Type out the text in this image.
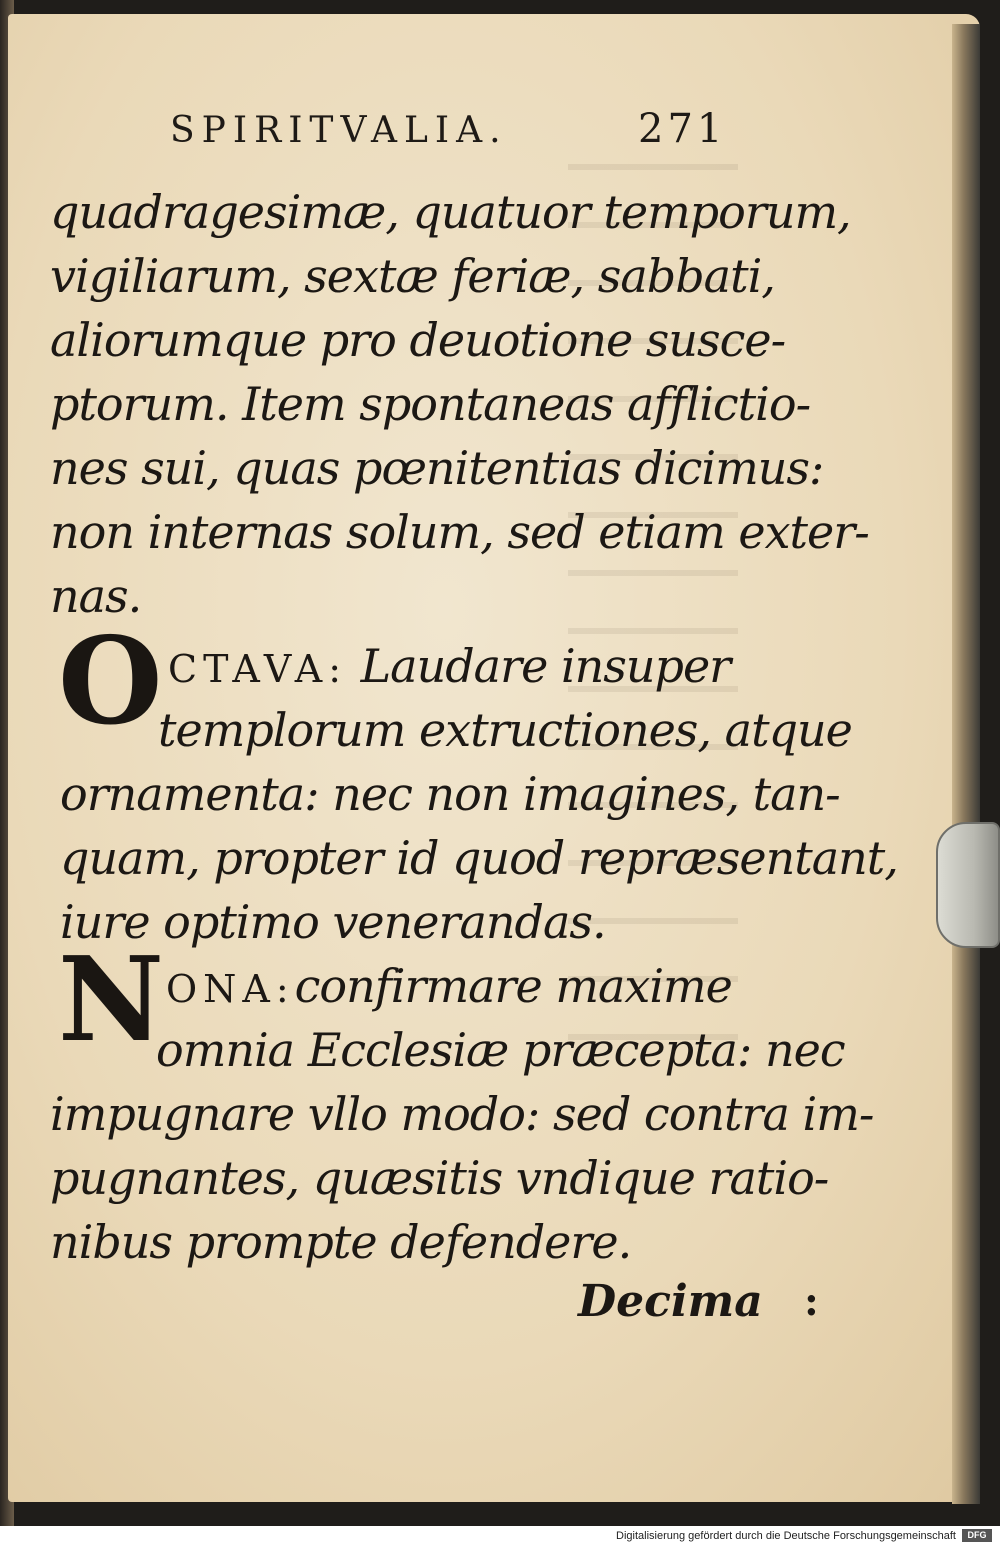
SPIRITVALIA.	271
quadragesimæ, quatuor temporum,
vigiliarum, sextæ feriæ, sabbati,
aliorumque pro deuotione susce-
ptorum. Item spontaneas afflictio-
nes sui, quas pœnitentias dicimus:
non internas solum, sed etiam exter-
nas.
O CTAVA: Laudare insuper
templorum extructiones, atque
ornamenta: nec non imagines, tan-
quam, propter id quod repræsentant,
iure optimo venerandas.
N ONA:confirmare maxime
omnia Ecclesiæ præcepta: nec
impugnare vllo modo: sed contra im-
pugnantes, quæsitis vndique ratio-
nibus prompte defendere.
Decima :
Digitalisierung gefördert durch die Deutsche Forschungsgemeinschaft	DFG
